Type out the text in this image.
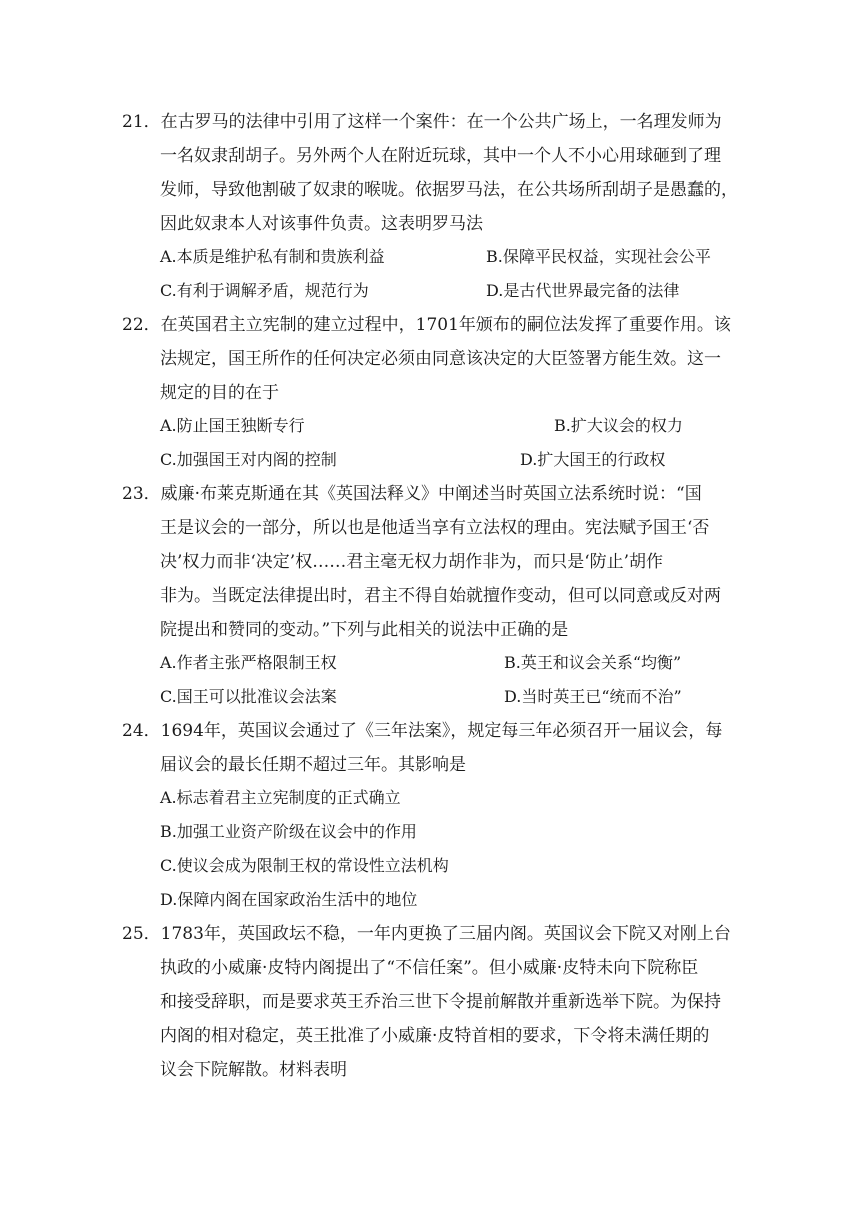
21．在古罗马的法律中引用了这样一个案件：在一个公共广场上，一名理发师为
一名奴隶刮胡子。另外两个人在附近玩球，其中一个人不小心用球砸到了理
发师，导致他割破了奴隶的喉咙。依据罗马法，在公共场所刮胡子是愚蠢的，
因此奴隶本人对该事件负责。这表明罗马法
A.本质是维护私有制和贵族利益	B.保障平民权益，实现社会公平
C.有利于调解矛盾，规范行为	D.是古代世界最完备的法律
22．在英国君主立宪制的建立过程中，1701年颁布的嗣位法发挥了重要作用。该
法规定，国王所作的任何决定必须由同意该决定的大臣签署方能生效。这一
规定的目的在于
A.防止国王独断专行	B.扩大议会的权力
C.加强国王对内阁的控制	D.扩大国王的行政权
23．威廉·布莱克斯通在其《英国法释义》中阐述当时英国立法系统时说：“国
王是议会的一部分，所以也是他适当享有立法权的理由。宪法赋予国王‘否
决’权力而非‘决定’权……君主毫无权力胡作非为，而只是‘防止’胡作
非为。当既定法律提出时，君主不得自始就擅作变动，但可以同意或反对两
院提出和赞同的变动。”下列与此相关的说法中正确的是
A.作者主张严格限制王权	B.英王和议会关系“均衡”
C.国王可以批准议会法案	D.当时英王已“统而不治”
24．1694年，英国议会通过了《三年法案》，规定每三年必须召开一届议会，每
届议会的最长任期不超过三年。其影响是
A.标志着君主立宪制度的正式确立
B.加强工业资产阶级在议会中的作用
C.使议会成为限制王权的常设性立法机构
D.保障内阁在国家政治生活中的地位
25．1783年，英国政坛不稳，一年内更换了三届内阁。英国议会下院又对刚上台
执政的小威廉·皮特内阁提出了“不信任案”。但小威廉·皮特未向下院称臣
和接受辞职，而是要求英王乔治三世下令提前解散并重新选举下院。为保持
内阁的相对稳定，英王批准了小威廉·皮特首相的要求，下令将未满任期的
议会下院解散。材料表明
